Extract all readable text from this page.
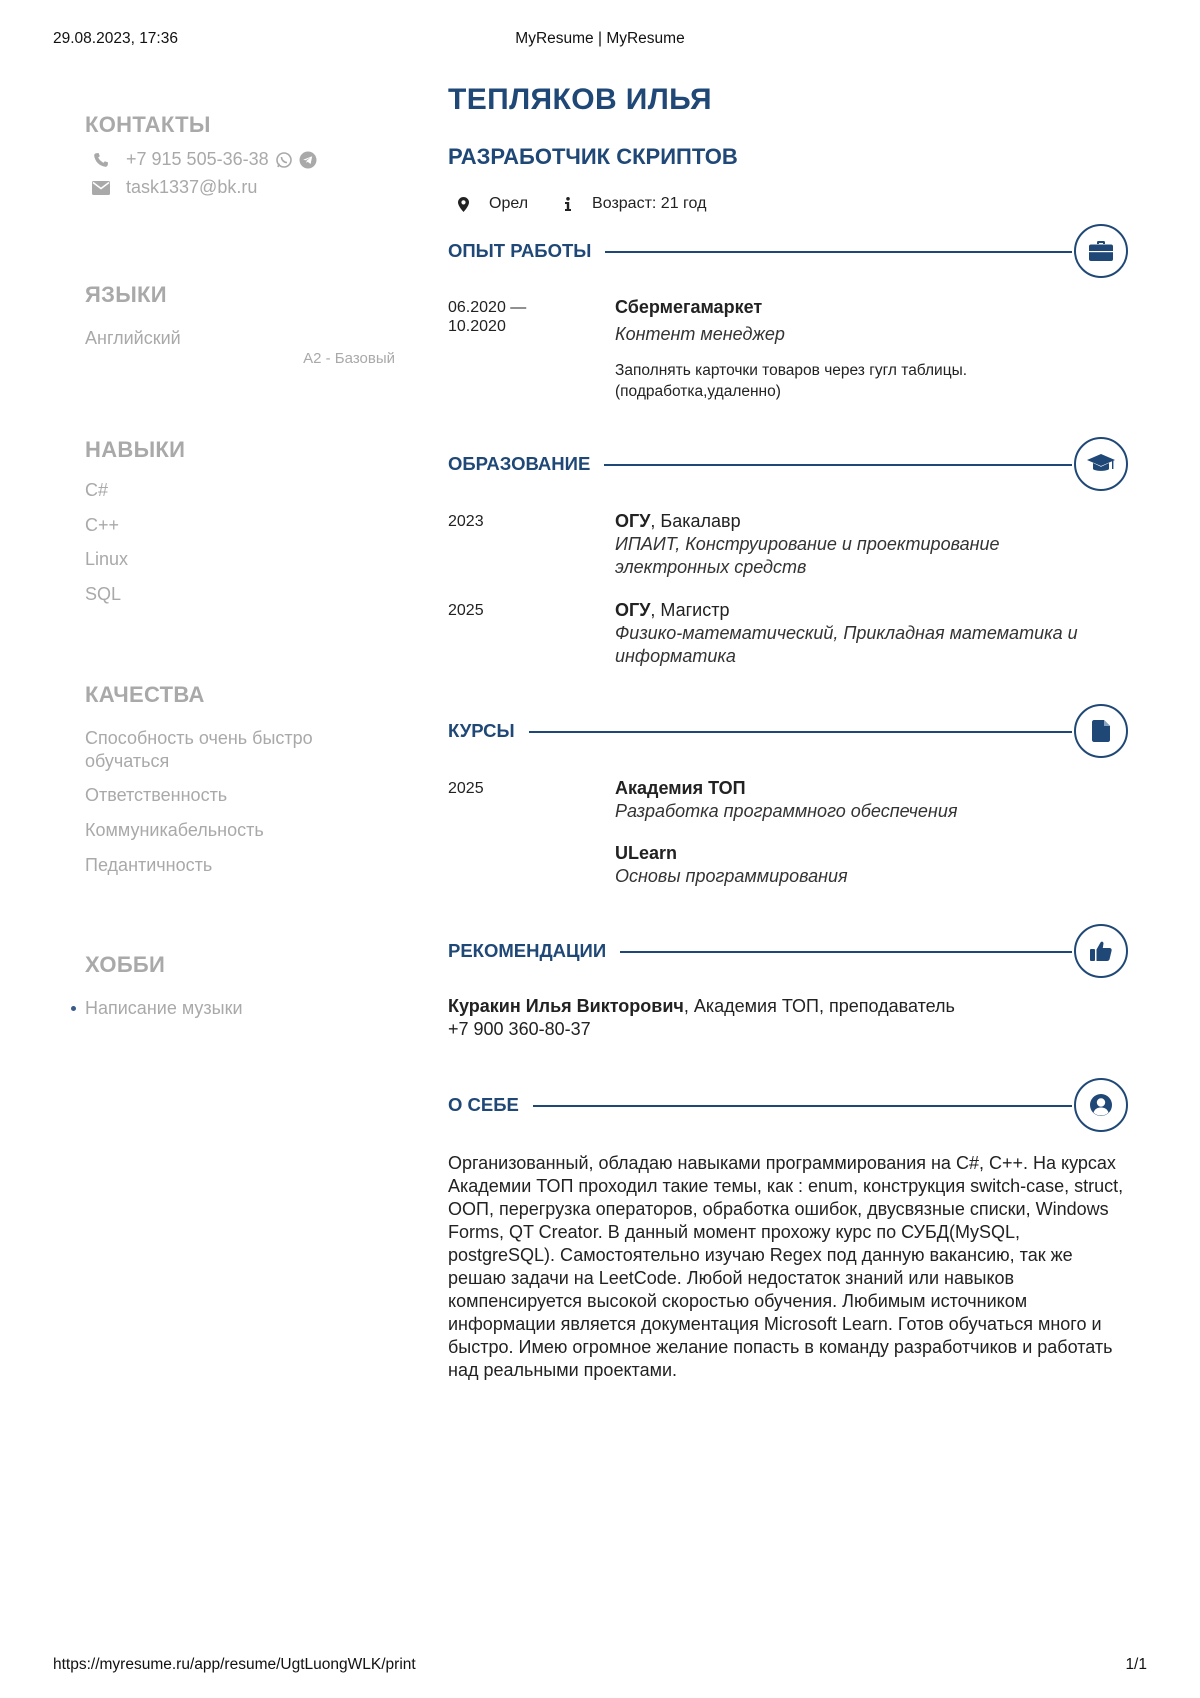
29.08.2023, 17:36	MyResume | MyResume
КОНТАКТЫ
+7 915 505-36-38
task1337@bk.ru
ЯЗЫКИ
Английский
A2 - Базовый
НАВЫКИ
C#
C++
Linux
SQL
КАЧЕСТВА
Способность очень быстро обучаться
Ответственность
Коммуникабельность
Педантичность
ХОББИ
Написание музыки
ТЕПЛЯКОВ ИЛЬЯ
РАЗРАБОТЧИК СКРИПТОВ
Орел	Возраст: 21 год
ОПЫТ РАБОТЫ
06.2020 — 10.2020
Сбермегамаркет
Контент менеджер
Заполнять карточки товаров через гугл таблицы. (подработка,удаленно)
ОБРАЗОВАНИЕ
2023	ОГУ, Бакалавр
ИПАИТ, Конструирование и проектирование электронных средств
2025	ОГУ, Магистр
Физико-математический, Прикладная математика и информатика
КУРСЫ
2025	Академия ТОП
Разработка программного обеспечения
ULearn
Основы программирования
РЕКОМЕНДАЦИИ
Куракин Илья Викторович, Академия ТОП, преподаватель
+7 900 360-80-37
О СЕБЕ
Организованный, обладаю навыками программирования на C#, C++. На курсах Академии ТОП проходил такие темы, как : enum, конструкция switch-case, struct, ООП, перегрузка операторов, обработка ошибок, двусвязные списки, Windows Forms, QT Creator. В данный момент прохожу курс по СУБД(MySQL, postgreSQL). Самостоятельно изучаю Regex под данную вакансию, так же решаю задачи на LeetCode. Любой недостаток знаний или навыков компенсируется высокой скоростью обучения. Любимым источником информации является документация Microsoft Learn. Готов обучаться много и быстро. Имею огромное желание попасть в команду разработчиков и работать над реальными проектами.
https://myresume.ru/app/resume/UgtLuongWLK/print	1/1
